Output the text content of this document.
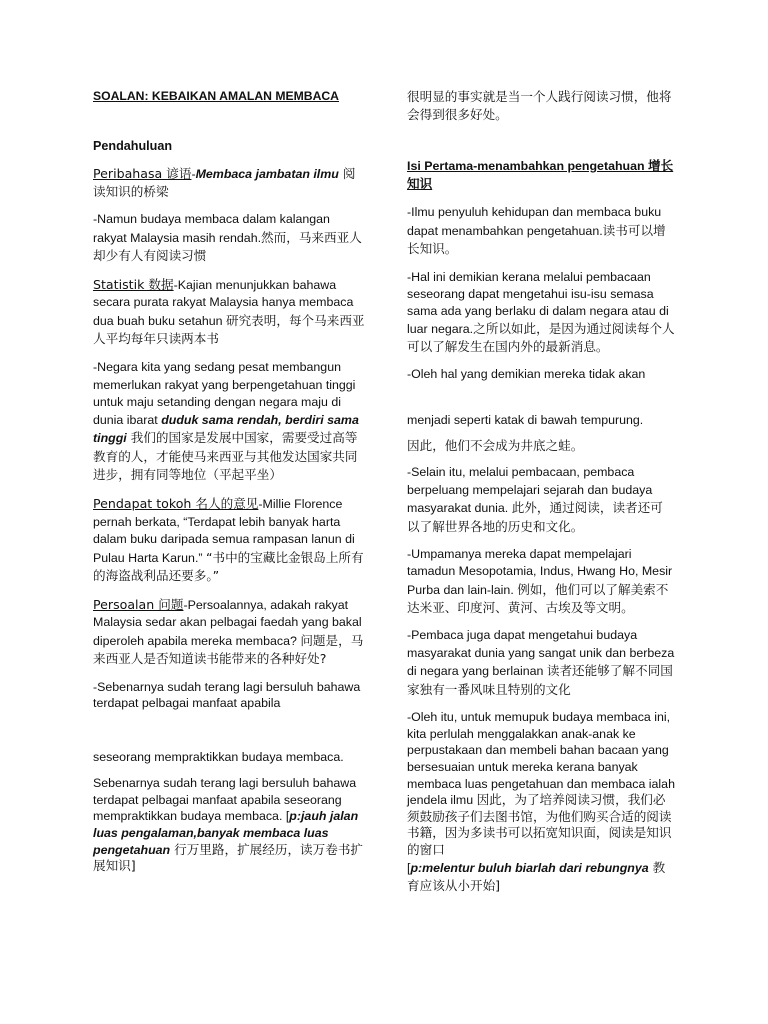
SOALAN: KEBAIKAN AMALAN MEMBACA

Pendahuluan

Peribahasa 谚语-Membaca jambatan ilmu 阅读知识的桥梁

-Namun budaya membaca dalam kalangan rakyat Malaysia masih rendah.然而，马来西亚人却少有人有阅读习惯

Statistik 数据-Kajian menunjukkan bahawa secara purata rakyat Malaysia hanya membaca dua buah buku setahun 研究表明，每个马来西亚人平均每年只读两本书

-Negara kita yang sedang pesat membangun memerlukan rakyat yang berpengetahuan tinggi untuk maju setanding dengan negara maju di dunia ibarat duduk sama rendah, berdiri sama tinggi 我们的国家是发展中国家，需要受过高等教育的人，才能使马来西亚与其他发达国家共同进步，拥有同等地位（平起平坐）

Pendapat tokoh 名人的意见-Millie Florence pernah berkata, “Terdapat lebih banyak harta dalam buku daripada semua rampasan lanun di Pulau Harta Karun.” “书中的宝藏比金银岛上所有的海盗战利品还要多。”

Persoalan 问题-Persoalannya, adakah rakyat Malaysia sedar akan pelbagai faedah yang bakal diperoleh apabila mereka membaca? 问题是，马来西亚人是否知道读书能带来的各种好处?

-Sebenarnya sudah terang lagi bersuluh bahawa terdapat pelbagai manfaat apabila

seseorang mempraktikkan budaya membaca.

Sebenarnya sudah terang lagi bersuluh bahawa terdapat pelbagai manfaat apabila seseorang mempraktikkan budaya membaca. [p:jauh jalan luas pengalaman,banyak membaca luas pengetahuan 行万里路，扩展经历，读万卷书扩展知识]

很明显的事实就是当一个人践行阅读习惯，他将会得到很多好处。

Isi Pertama-menambahkan pengetahuan 增长知识

-Ilmu penyuluh kehidupan dan membaca buku dapat menambahkan pengetahuan.读书可以增长知识。

-Hal ini demikian kerana melalui pembacaan seseorang dapat mengetahui isu-isu semasa sama ada yang berlaku di dalam negara atau di luar negara.之所以如此，是因为通过阅读每个人可以了解发生在国内外的最新消息。

-Oleh hal yang demikian mereka tidak akan

menjadi seperti katak di bawah tempurung.

因此，他们不会成为井底之蛙。

-Selain itu, melalui pembacaan, pembaca berpeluang mempelajari sejarah dan budaya masyarakat dunia. 此外，通过阅读，读者还可以了解世界各地的历史和文化。

-Umpamanya mereka dapat mempelajari tamadun Mesopotamia, Indus, Hwang Ho, Mesir Purba dan lain-lain. 例如，他们可以了解美索不达米亚、印度河、黄河、古埃及等文明。

-Pembaca juga dapat mengetahui budaya masyarakat dunia yang sangat unik dan berbeza di negara yang berlainan 读者还能够了解不同国家独有一番风味且特别的文化

-Oleh itu, untuk memupuk budaya membaca ini, kita perlulah menggalakkan anak-anak ke perpustakaan dan membeli bahan bacaan yang bersesuaian untuk mereka kerana banyak membaca luas pengetahuan dan membaca ialah jendela ilmu 因此，为了培养阅读习惯，我们必须鼓励孩子们去图书馆，为他们购买合适的阅读书籍，因为多读书可以拓宽知识面，阅读是知识的窗口

[p:melentur buluh biarlah dari rebungnya 教育应该从小开始]
